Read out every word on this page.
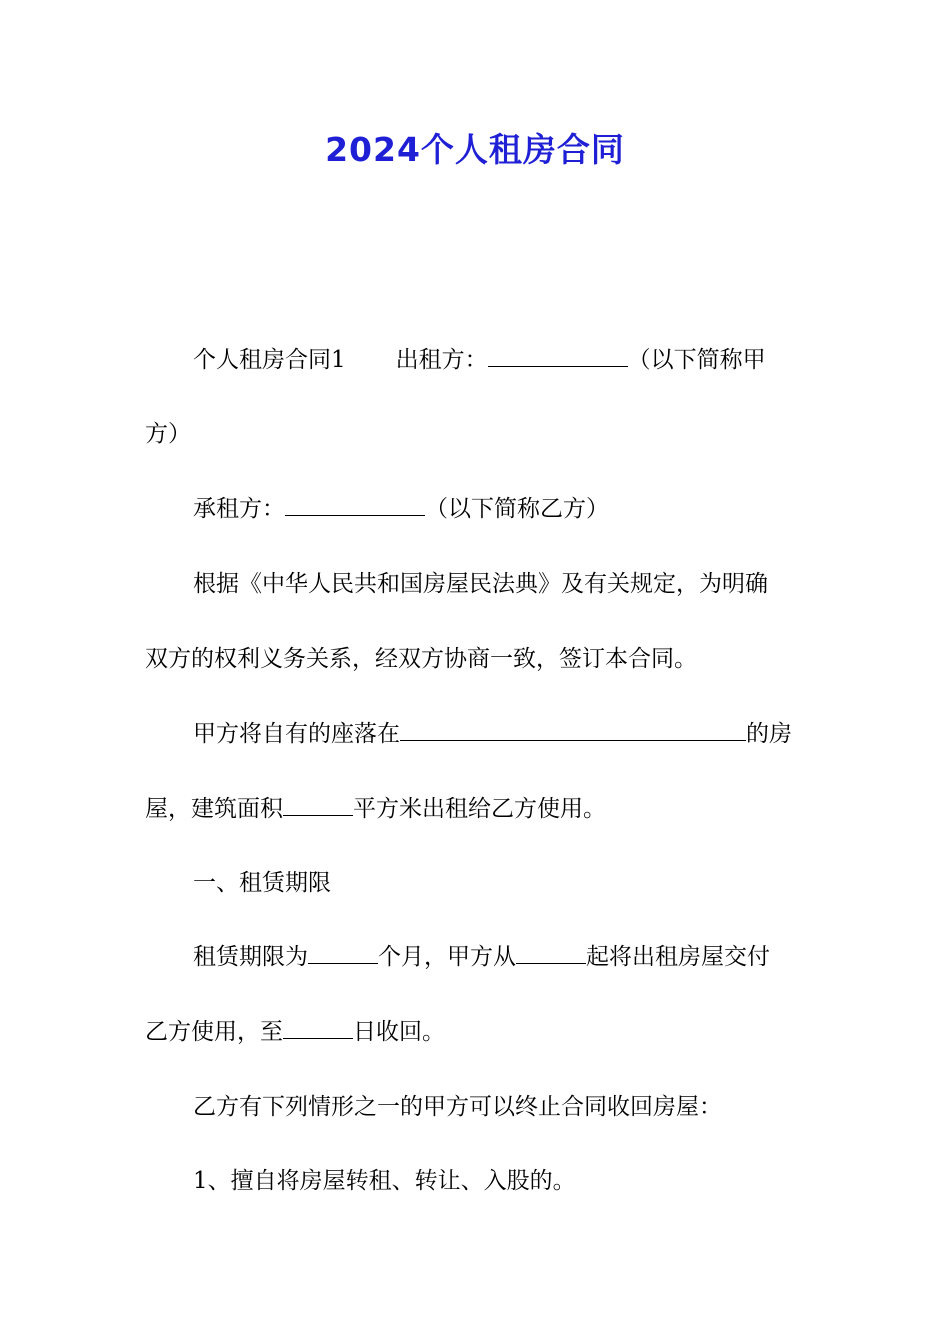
2024个人租房合同
个人租房合同1 出租方：	（以下简称甲
方）
承租方：	（以下简称乙方）
根据《中华人民共和国房屋民法典》及有关规定，为明确
双方的权利义务关系，经双方协商一致，签订本合同。
甲方将自有的座落在	的房
屋，建筑面积	平方米出租给乙方使用。
一、租赁期限
租赁期限为	个月，甲方从	起将出租房屋交付
乙方使用，至	日收回。
乙方有下列情形之一的甲方可以终止合同收回房屋：
1、擅自将房屋转租、转让、入股的。
